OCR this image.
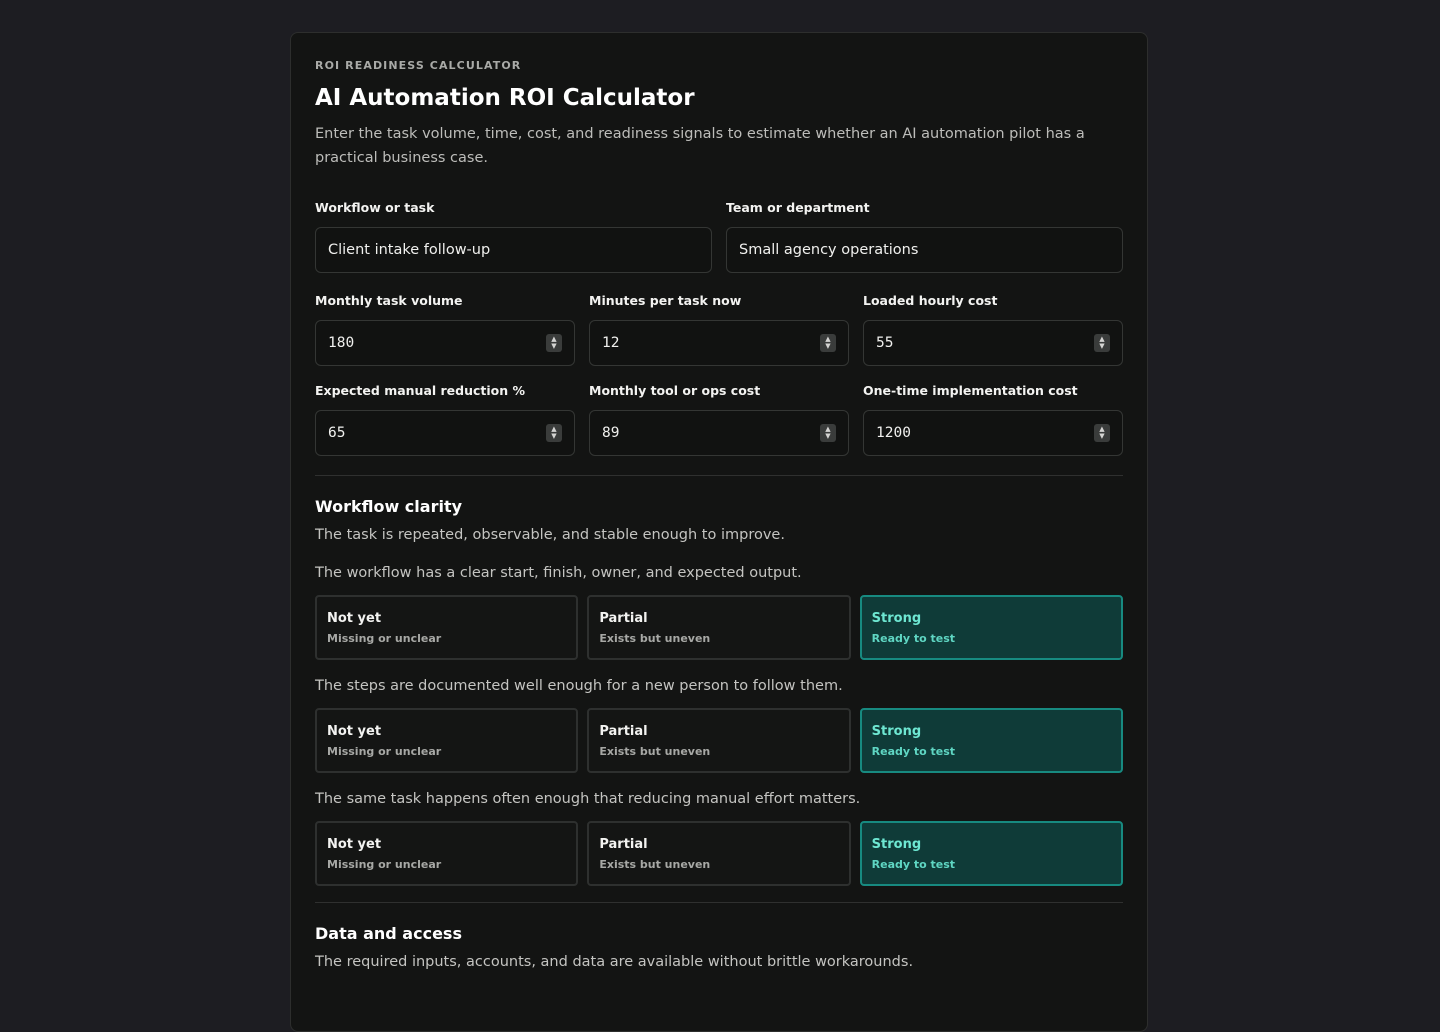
ROI READINESS CALCULATOR
AI Automation ROI Calculator
Enter the task volume, time, cost, and readiness signals to estimate whether an AI automation pilot has a practical business case.
Workflow or task
Client intake follow-up
Team or department
Small agency operations
Monthly task volume
180	▲
▼
Minutes per task now
12	▲
▼
Loaded hourly cost
55	▲
▼
Expected manual reduction %
65	▲
▼
Monthly tool or ops cost
89	▲
▼
One-time implementation cost
1200	▲
▼
Workflow clarity
The task is repeated, observable, and stable enough to improve.
The workflow has a clear start, finish, owner, and expected output.
Not yet
Missing or unclear
Partial
Exists but uneven
Strong
Ready to test
The steps are documented well enough for a new person to follow them.
Not yet
Missing or unclear
Partial
Exists but uneven
Strong
Ready to test
The same task happens often enough that reducing manual effort matters.
Not yet
Missing or unclear
Partial
Exists but uneven
Strong
Ready to test
Data and access
The required inputs, accounts, and data are available without brittle workarounds.
